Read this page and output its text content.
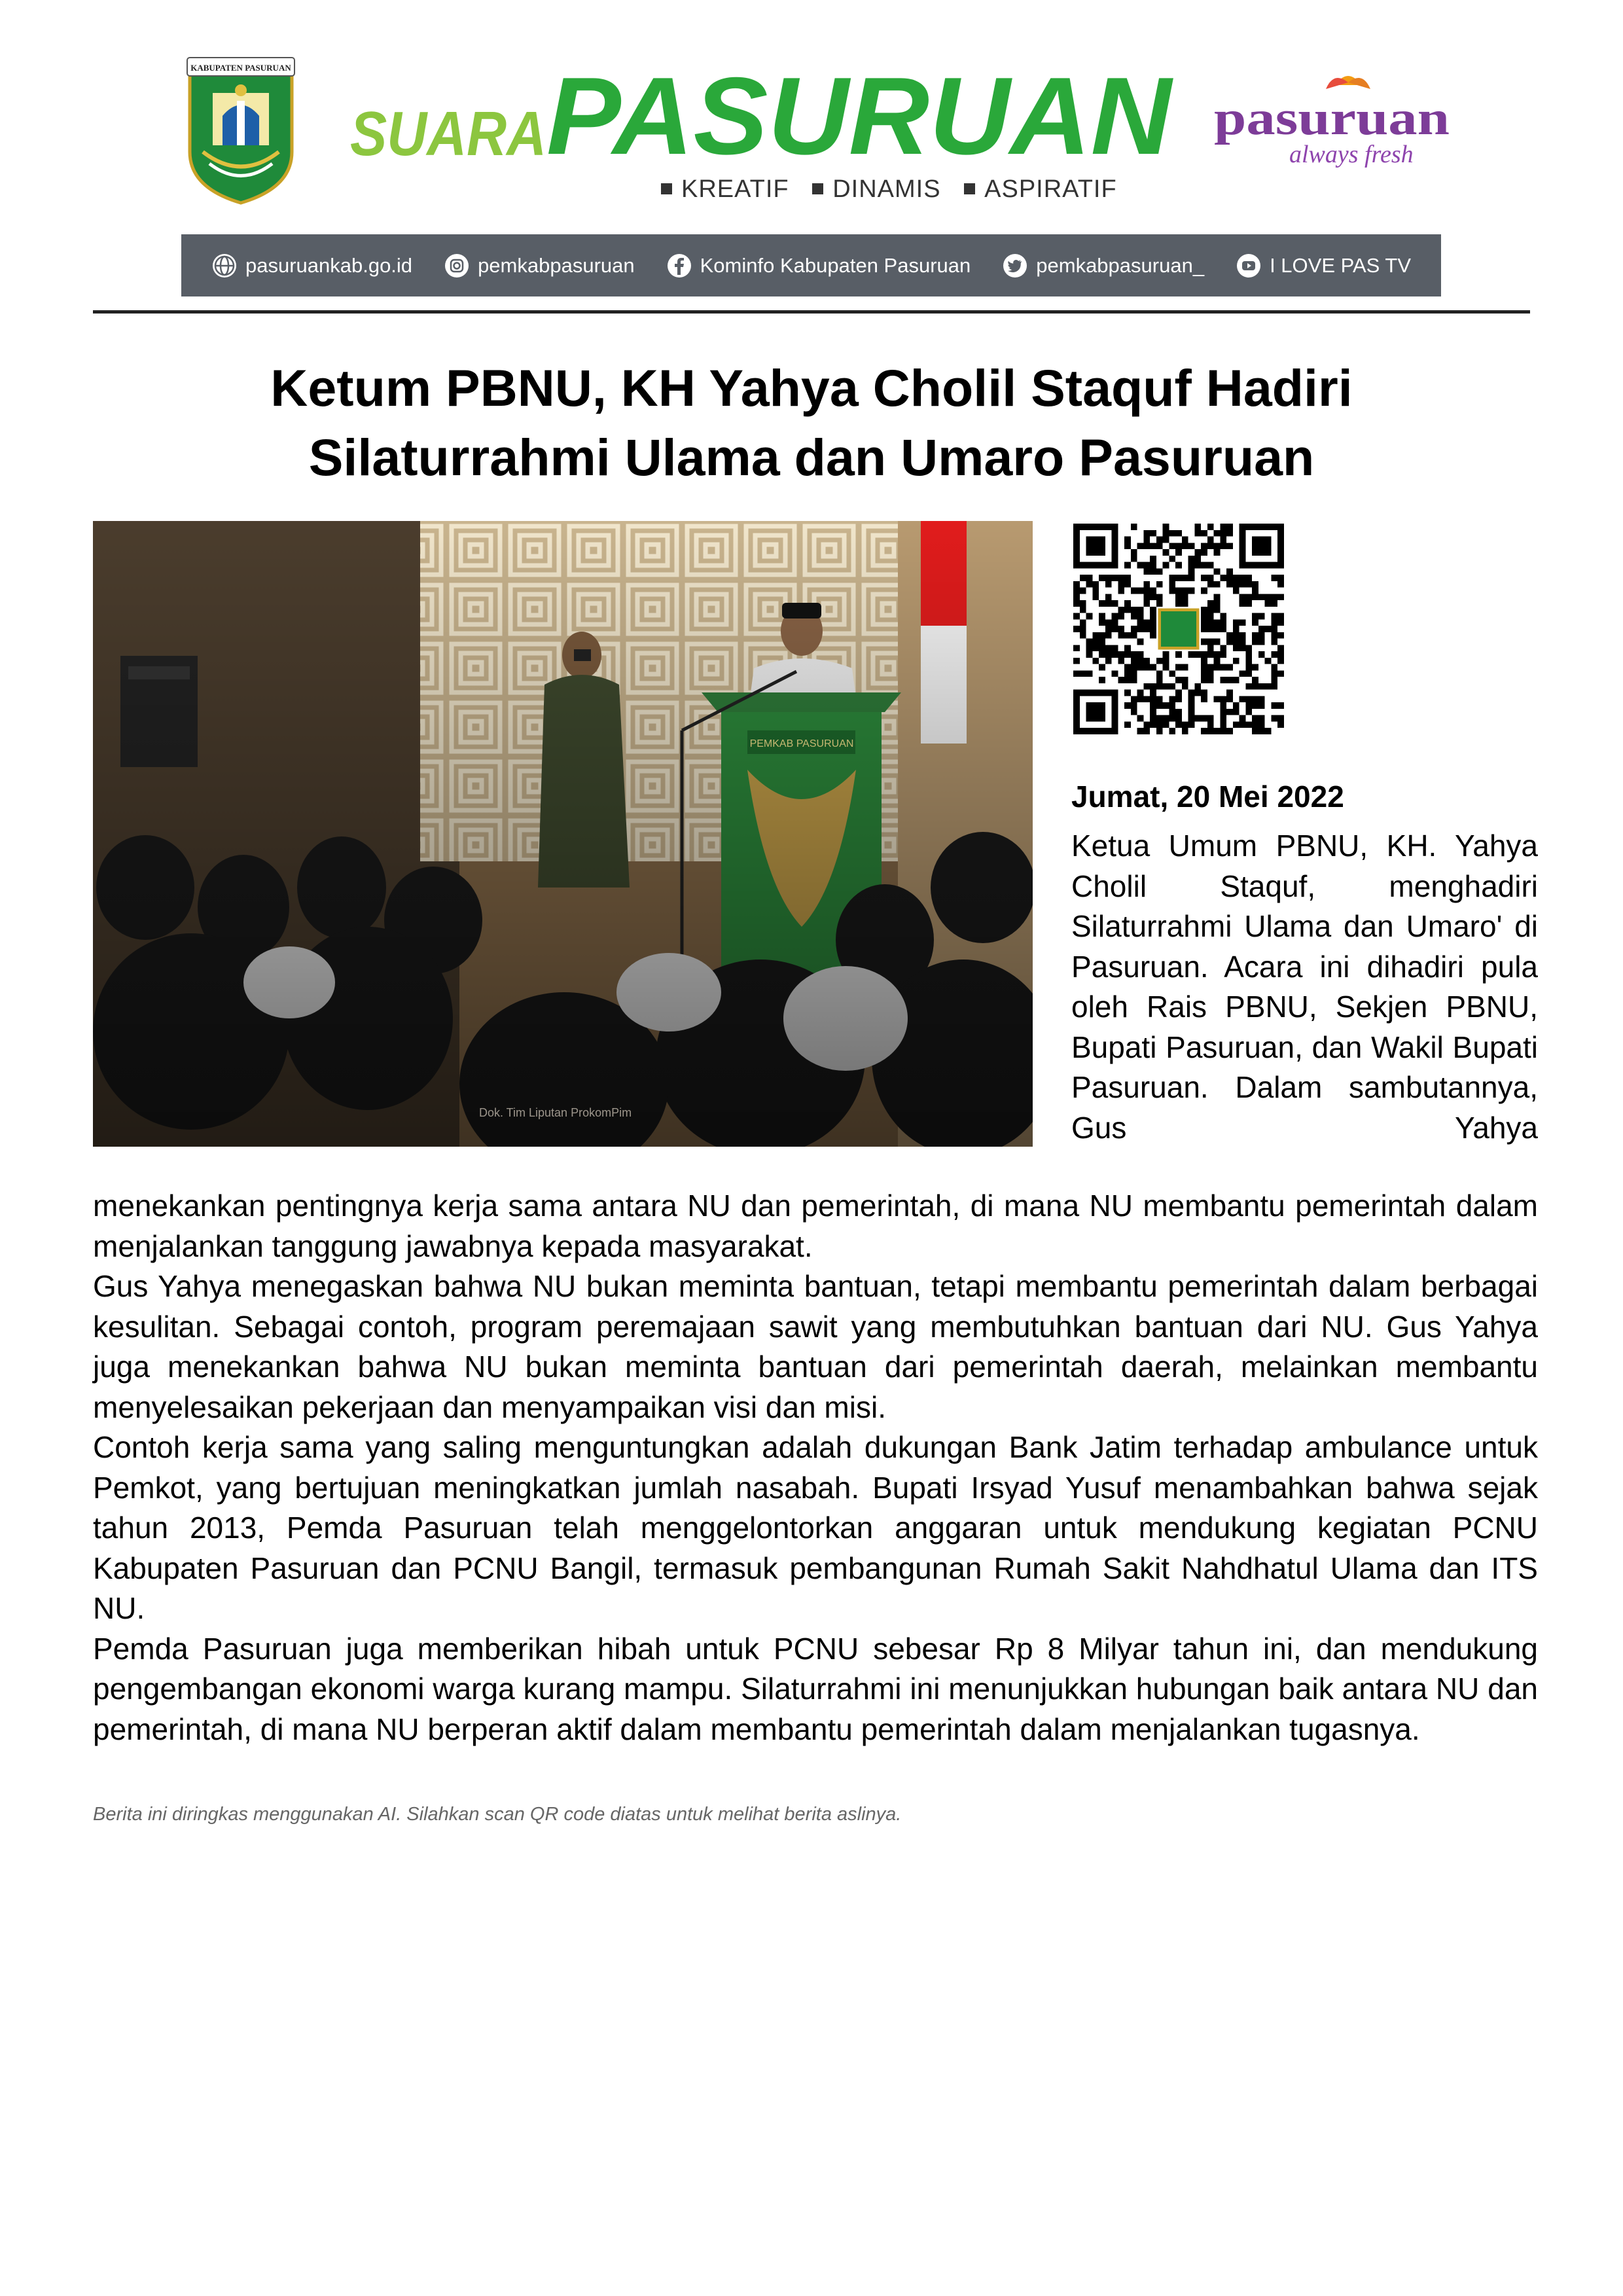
KABUPATEN PASURUAN
SUARA PASURUAN
KREATIF DINAMIS ASPIRATIF
pasuruan
always fresh
pasuruankab.go.id	pemkabpasuruan	Kominfo Kabupaten Pasuruan	pemkabpasuruan_	I LOVE PAS TV
Ketum PBNU, KH Yahya Cholil Staquf Hadiri
Silaturrahmi Ulama dan Umaro Pasuruan
Dok. Tim Liputan ProkomPim
Jumat, 20 Mei 2022

Ketua Umum PBNU, KH. Yahya Cholil Staquf, menghadiri Silaturrahmi Ulama dan Umaro' di Pasuruan. Acara ini dihadiri pula oleh Rais PBNU, Sekjen PBNU, Bupati Pasuruan, dan Wakil Bupati Pasuruan. Dalam sambutannya, Gus Yahya

menekankan pentingnya kerja sama antara NU dan pemerintah, di mana NU membantu pemerintah dalam menjalankan tanggung jawabnya kepada masyarakat.

Gus Yahya menegaskan bahwa NU bukan meminta bantuan, tetapi membantu pemerintah dalam berbagai kesulitan. Sebagai contoh, program peremajaan sawit yang membutuhkan bantuan dari NU. Gus Yahya juga menekankan bahwa NU bukan meminta bantuan dari pemerintah daerah, melainkan membantu menyelesaikan pekerjaan dan menyampaikan visi dan misi.

Contoh kerja sama yang saling menguntungkan adalah dukungan Bank Jatim terhadap ambulance untuk Pemkot, yang bertujuan meningkatkan jumlah nasabah. Bupati Irsyad Yusuf menambahkan bahwa sejak tahun 2013, Pemda Pasuruan telah menggelontorkan anggaran untuk mendukung kegiatan PCNU Kabupaten Pasuruan dan PCNU Bangil, termasuk pembangunan Rumah Sakit Nahdhatul Ulama dan ITS NU.

Pemda Pasuruan juga memberikan hibah untuk PCNU sebesar Rp 8 Milyar tahun ini, dan mendukung pengembangan ekonomi warga kurang mampu. Silaturrahmi ini menunjukkan hubungan baik antara NU dan pemerintah, di mana NU berperan aktif dalam membantu pemerintah dalam menjalankan tugasnya.

Berita ini diringkas menggunakan AI. Silahkan scan QR code diatas untuk melihat berita aslinya.
